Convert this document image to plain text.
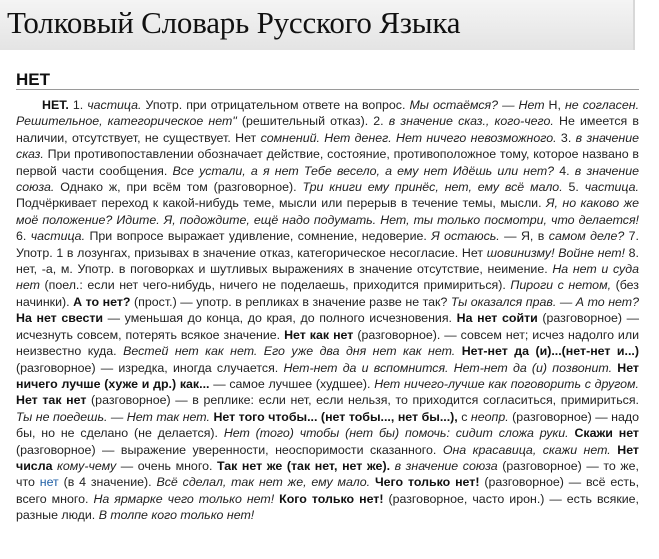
Толковый Словарь Русского Языка
НЕТ

НЕТ. 1. частица. Употр. при отрицательном ответе на вопрос. Мы остаёмся? — Нет Н, не согласен. Решительное, категорическое нет" (решительный отказ). 2. в значение сказ., кого-чего. Не имеется в наличии, отсутствует, не существует. Нет сомнений. Нет денег. Нет ничего невозможного. 3. в значение сказ. При противопоставлении обозначает действие, состояние, противоположное тому, которое названо в первой части сообщения. Все устали, а я нет Тебе весело, а ему нет Идёшь или нет? 4. в значение союза. Однако ж, при всём том (разговорное). Три книги ему принёс, нет, ему всё мало. 5. частица. Подчёркивает переход к какой-нибудь теме, мысли или перерыв в течение темы, мысли. Я, но каково же моё положение? Идите. Я, подождите, ещё надо подумать. Нет, ты только посмотри, что делается! 6. частица. При вопросе выражает удивление, сомнение, недоверие. Я остаюсь. — Я, в самом деле? 7. Употр. 1 в лозунгах, призывах в значение отказ, категорическое несогласие. Нет шовинизму! Войне нет! 8. нет, -а, м. Употр. в поговорках и шутливых выражениях в значение отсутствие, неимение. На нет и суда нет (поел.: если нет чего-нибудь, ничего не поделаешь, приходится примириться). Пироги с нетом, (без начинки). А то нет? (прост.) — употр. в репликах в значение разве не так? Ты оказался прав. — А то нет? На нет свести — уменьшая до конца, до края, до полного исчезновения. На нет сойти (разговорное) — исчезнуть совсем, потерять всякое значение. Нет как нет (разговорное). — совсем нет; исчез надолго или неизвестно куда. Вестей нет как нет. Его уже два дня нет как нет. Нет-нет да (и)...(нет-нет и...) (разговорное) — изредка, иногда случается. Нет-нет да и вспомнится. Нет-нет да (и) позвонит. Нет ничего лучше (хуже и др.) как... — самое лучшее (худшее). Нет ничего-лучше как поговорить с другом. Нет так нет (разговорное) — в реплике: если нет, если нельзя, то приходится согласиться, примириться. Ты не поедешь. — Нет так нет. Нет того чтобы... (нет тобы..., нет бы...), с неопр. (разговорное) — надо бы, но не сделано (не делается). Нет (того) чтобы (нет бы) помочь: сидит сложа руки. Скажи нет (разговорное) — выражение уверенности, неоспоримости сказанного. Она красавица, скажи нет. Нет числа кому-чему — очень много. Так нет же (так нет, нет же). в значение союза (разговорное) — то же, что нет (в 4 значение). Всё сделал, так нет же, ему мало. Чего только нет! (разговорное) — всё есть, всего много. На ярмарке чего только нет! Кого только нет! (разговорное, часто ирон.) — есть всякие, разные люди. В толпе кого только нет!
